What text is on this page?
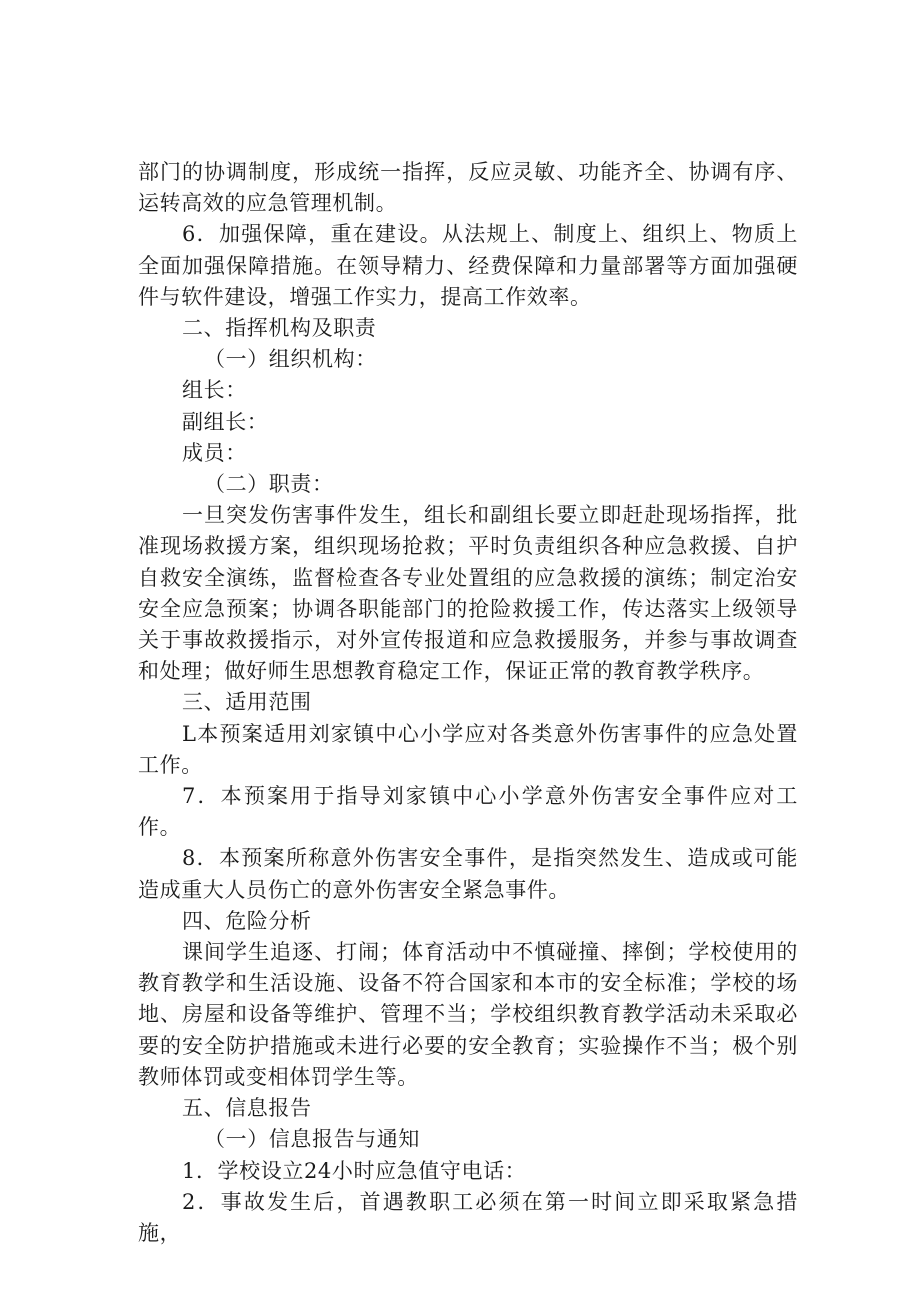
部门的协调制度，形成统一指挥，反应灵敏、功能齐全、协调有序、运转高效的应急管理机制。

6．加强保障，重在建设。从法规上、制度上、组织上、物质上全面加强保障措施。在领导精力、经费保障和力量部署等方面加强硬件与软件建设，增强工作实力，提高工作效率。

二、指挥机构及职责

（一）组织机构：

组长：

副组长：

成员：

（二）职责：

一旦突发伤害事件发生，组长和副组长要立即赶赴现场指挥，批准现场救援方案，组织现场抢救；平时负责组织各种应急救援、自护自救安全演练，监督检查各专业处置组的应急救援的演练；制定治安安全应急预案；协调各职能部门的抢险救援工作，传达落实上级领导关于事故救援指示，对外宣传报道和应急救援服务，并参与事故调查和处理；做好师生思想教育稳定工作，保证正常的教育教学秩序。

三、适用范围

L本预案适用刘家镇中心小学应对各类意外伤害事件的应急处置工作。

7．本预案用于指导刘家镇中心小学意外伤害安全事件应对工作。

8．本预案所称意外伤害安全事件，是指突然发生、造成或可能造成重大人员伤亡的意外伤害安全紧急事件。

四、危险分析

课间学生追逐、打闹；体育活动中不慎碰撞、摔倒；学校使用的教育教学和生活设施、设备不符合国家和本市的安全标准；学校的场地、房屋和设备等维护、管理不当；学校组织教育教学活动未采取必要的安全防护措施或未进行必要的安全教育；实验操作不当；极个别教师体罚或变相体罚学生等。

五、信息报告

（一）信息报告与通知

1．学校设立24小时应急值守电话：

2．事故发生后，首遇教职工必须在第一时间立即采取紧急措施，
